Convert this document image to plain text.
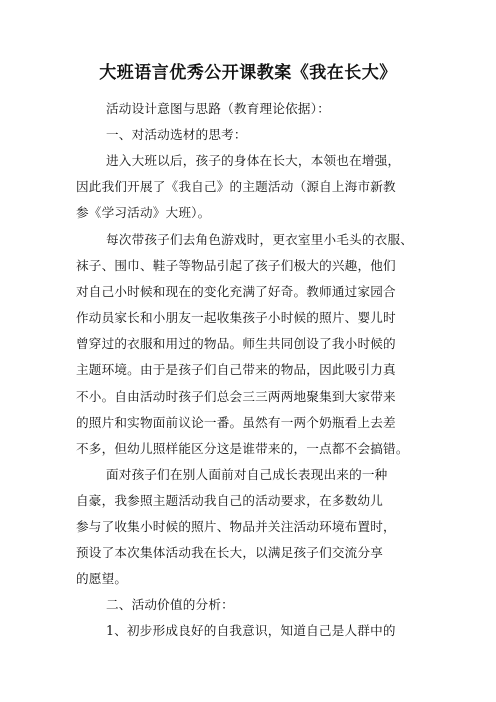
大班语言优秀公开课教案《我在长大》
活动设计意图与思路（教育理论依据）：
一、对活动选材的思考：
进入大班以后，孩子的身体在长大，本领也在增强，
因此我们开展了《我自己》的主题活动（源自上海市新教
参《学习活动》大班）。
每次带孩子们去角色游戏时，更衣室里小毛头的衣服、
袜子、围巾、鞋子等物品引起了孩子们极大的兴趣，他们
对自己小时候和现在的变化充满了好奇。教师通过家园合
作动员家长和小朋友一起收集孩子小时候的照片、婴儿时
曾穿过的衣服和用过的物品。师生共同创设了我小时候的
主题环境。由于是孩子们自己带来的物品，因此吸引力真
不小。自由活动时孩子们总会三三两两地聚集到大家带来
的照片和实物面前议论一番。虽然有一两个奶瓶看上去差
不多，但幼儿照样能区分这是谁带来的，一点都不会搞错。
面对孩子们在别人面前对自己成长表现出来的一种
自豪，我参照主题活动我自己的活动要求，在多数幼儿
参与了收集小时候的照片、物品并关注活动环境布置时，
预设了本次集体活动我在长大，以满足孩子们交流分享
的愿望。
二、活动价值的分析：
1、初步形成良好的自我意识，知道自己是人群中的
